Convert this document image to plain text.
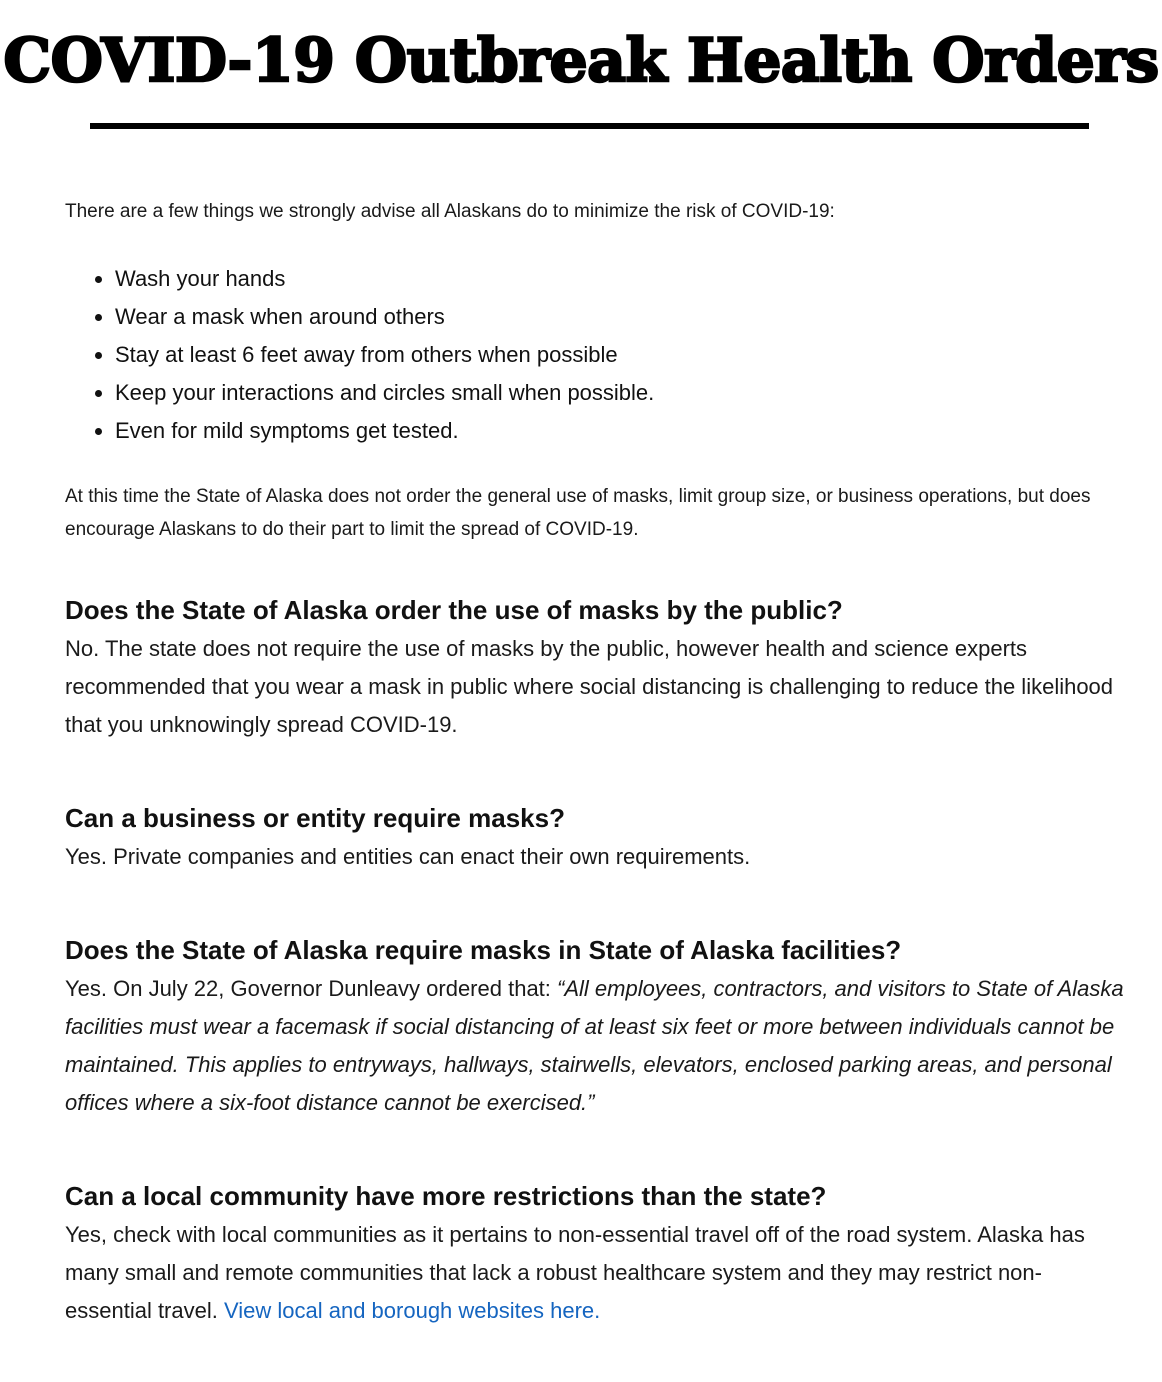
COVID-19 Outbreak Health Orders

There are a few things we strongly advise all Alaskans do to minimize the risk of COVID-19:

• Wash your hands
• Wear a mask when around others
• Stay at least 6 feet away from others when possible
• Keep your interactions and circles small when possible.
• Even for mild symptoms get tested.

At this time the State of Alaska does not order the general use of masks, limit group size, or business operations, but does encourage Alaskans to do their part to limit the spread of COVID-19.

Does the State of Alaska order the use of masks by the public?

No. The state does not require the use of masks by the public, however health and science experts recommended that you wear a mask in public where social distancing is challenging to reduce the likelihood that you unknowingly spread COVID-19.

Can a business or entity require masks?

Yes. Private companies and entities can enact their own requirements.

Does the State of Alaska require masks in State of Alaska facilities?

Yes. On July 22, Governor Dunleavy ordered that: “All employees, contractors, and visitors to State of Alaska facilities must wear a facemask if social distancing of at least six feet or more between individuals cannot be maintained. This applies to entryways, hallways, stairwells, elevators, enclosed parking areas, and personal offices where a six-foot distance cannot be exercised.”

Can a local community have more restrictions than the state?

Yes, check with local communities as it pertains to non-essential travel off of the road system. Alaska has many small and remote communities that lack a robust healthcare system and they may restrict non-essential travel. View local and borough websites here.
